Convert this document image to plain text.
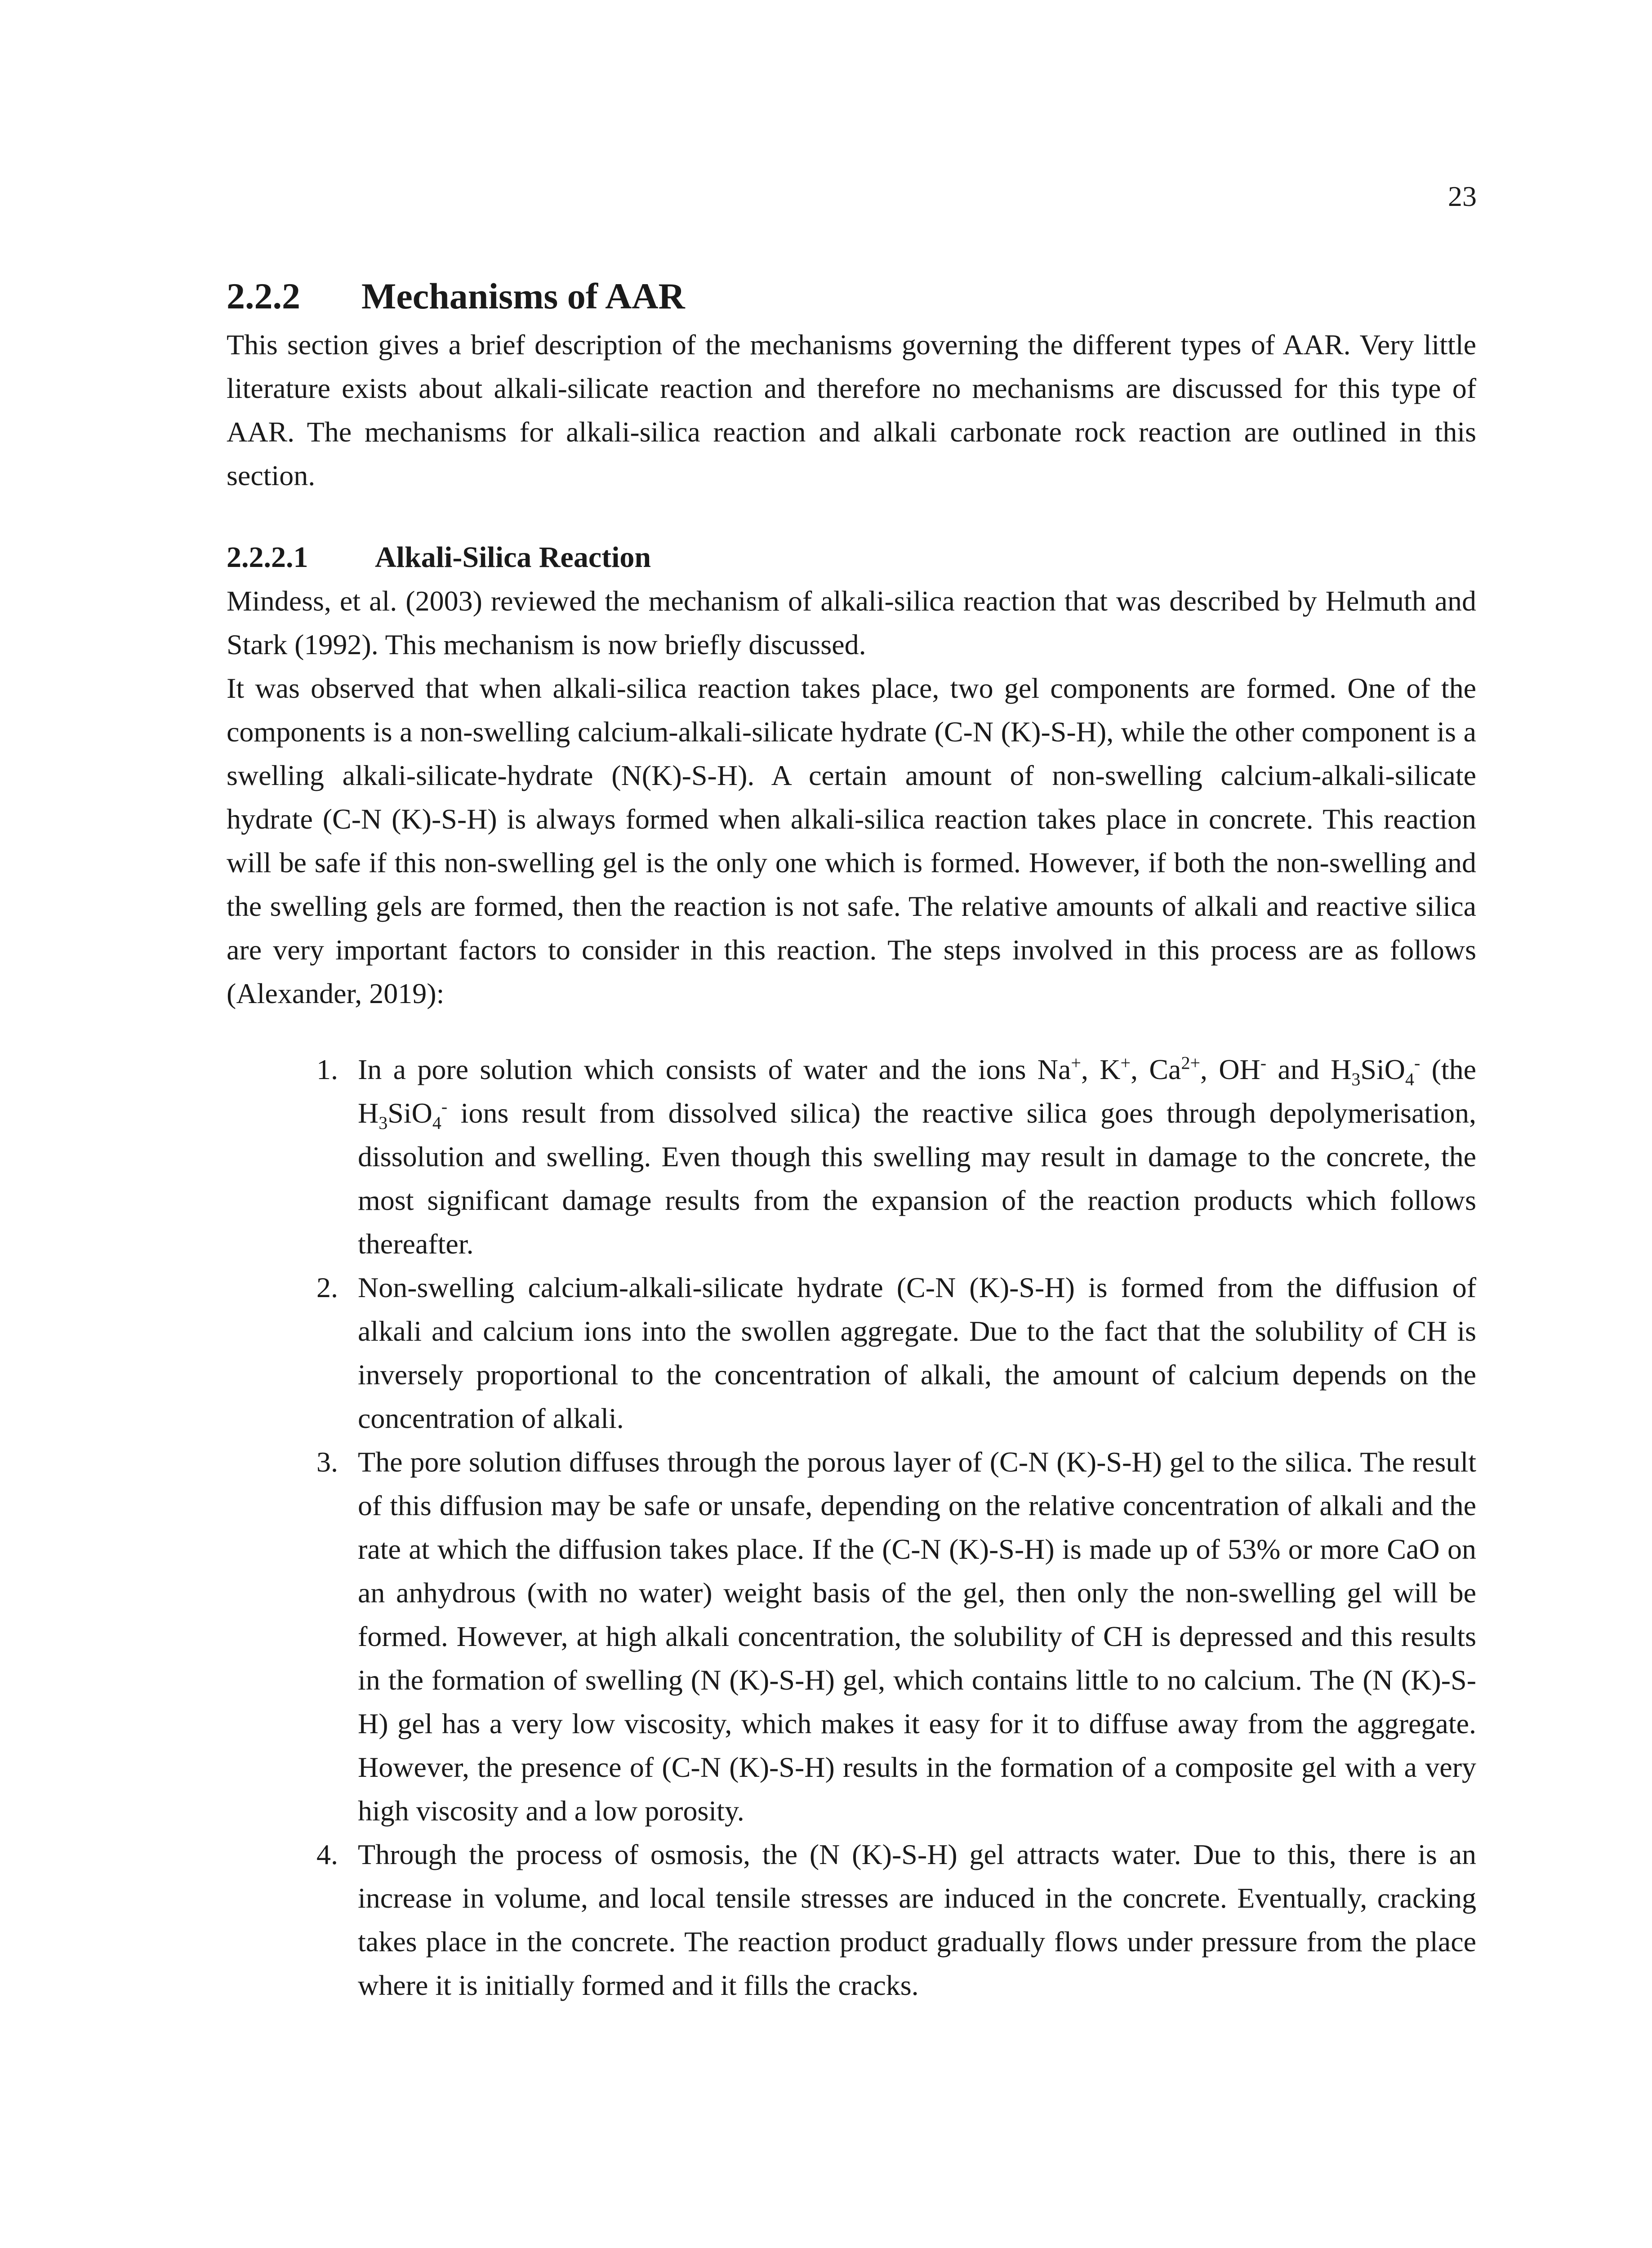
23
2.2.2 Mechanisms of AAR

This section gives a brief description of the mechanisms governing the different types of AAR. Very little literature exists about alkali-silicate reaction and therefore no mechanisms are discussed for this type of AAR. The mechanisms for alkali-silica reaction and alkali carbonate rock reaction are outlined in this section.

2.2.2.1 Alkali-Silica Reaction

Mindess, et al. (2003) reviewed the mechanism of alkali-silica reaction that was described by Helmuth and Stark (1992). This mechanism is now briefly discussed.

It was observed that when alkali-silica reaction takes place, two gel components are formed. One of the components is a non-swelling calcium-alkali-silicate hydrate (C-N (K)-S-H), while the other component is a swelling alkali-silicate-hydrate (N(K)-S-H). A certain amount of non-swelling calcium-alkali-silicate hydrate (C-N (K)-S-H) is always formed when alkali-silica reaction takes place in concrete. This reaction will be safe if this non-swelling gel is the only one which is formed. However, if both the non-swelling and the swelling gels are formed, then the reaction is not safe. The relative amounts of alkali and reactive silica are very important factors to consider in this reaction. The steps involved in this process are as follows (Alexander, 2019):

1. In a pore solution which consists of water and the ions Na+, K+, $Ca^{2+}$, OH- and $H_3SiO_4^-$ (the $H_3SiO_4^-$ ions result from dissolved silica) the reactive silica goes through depolymerisation, dissolution and swelling. Even though this swelling may result in damage to the concrete, the most significant damage results from the expansion of the reaction products which follows thereafter.

2. Non-swelling calcium-alkali-silicate hydrate (C-N (K)-S-H) is formed from the diffusion of alkali and calcium ions into the swollen aggregate. Due to the fact that the solubility of CH is inversely proportional to the concentration of alkali, the amount of calcium depends on the concentration of alkali.

3. The pore solution diffuses through the porous layer of (C-N (K)-S-H) gel to the silica. The result of this diffusion may be safe or unsafe, depending on the relative concentration of alkali and the rate at which the diffusion takes place. If the (C-N (K)-S-H) is made up of 53% or more CaO on an anhydrous (with no water) weight basis of the gel, then only the non-swelling gel will be formed. However, at high alkali concentration, the solubility of CH is depressed and this results in the formation of swelling (N (K)-S-H) gel, which contains little to no calcium. The (N (K)-S-H) gel has a very low viscosity, which makes it easy for it to diffuse away from the aggregate. However, the presence of (C-N (K)-S-H) results in the formation of a composite gel with a very high viscosity and a low porosity.

4. Through the process of osmosis, the (N (K)-S-H) gel attracts water. Due to this, there is an increase in volume, and local tensile stresses are induced in the concrete. Eventually, cracking takes place in the concrete. The reaction product gradually flows under pressure from the place where it is initially formed and it fills the cracks.
